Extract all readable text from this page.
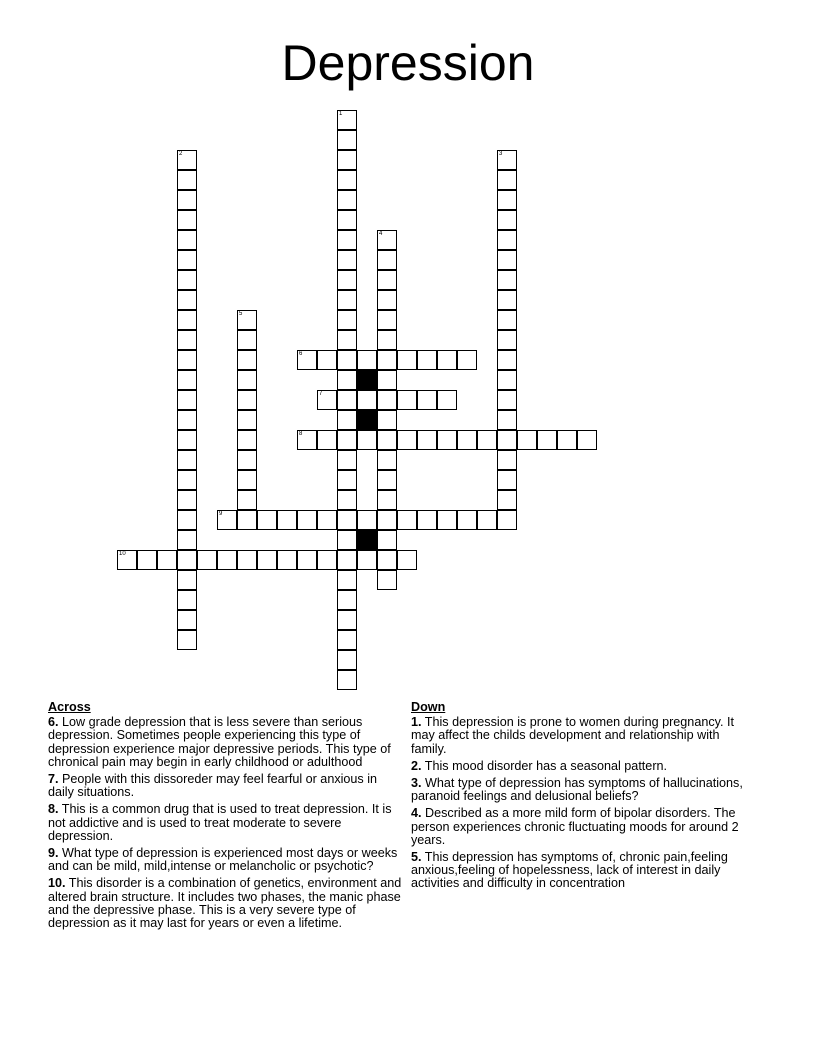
Depression
1
2	3
4
5
6
7
8
9
10
Across
6. Low grade depression that is less severe than serious depression. Sometimes people experiencing this type of depression experience major depressive periods. This type of chronical pain may begin in early childhood or adulthood
7. People with this dissoreder may feel fearful or anxious in daily situations.
8. This is a common drug that is used to treat depression. It is not addictive and is used to treat moderate to severe depression.
9. What type of depression is experienced most days or weeks and can be mild, mild,intense or melancholic or psychotic?
10. This disorder is a combination of genetics, environment and altered brain structure. It includes two phases, the manic phase and the depressive phase. This is a very severe type of depression as it may last for years or even a lifetime.
Down
1. This depression is prone to women during pregnancy. It may affect the childs development and relationship with family.
2. This mood disorder has a seasonal pattern.
3. What type of depression has symptoms of hallucinations, paranoid feelings and delusional beliefs?
4. Described as a more mild form of bipolar disorders. The person experiences chronic fluctuating moods for around 2 years.
5. This depression has symptoms of, chronic pain,feeling anxious,feeling of hopelessness, lack of interest in daily activities and difficulty in concentration
